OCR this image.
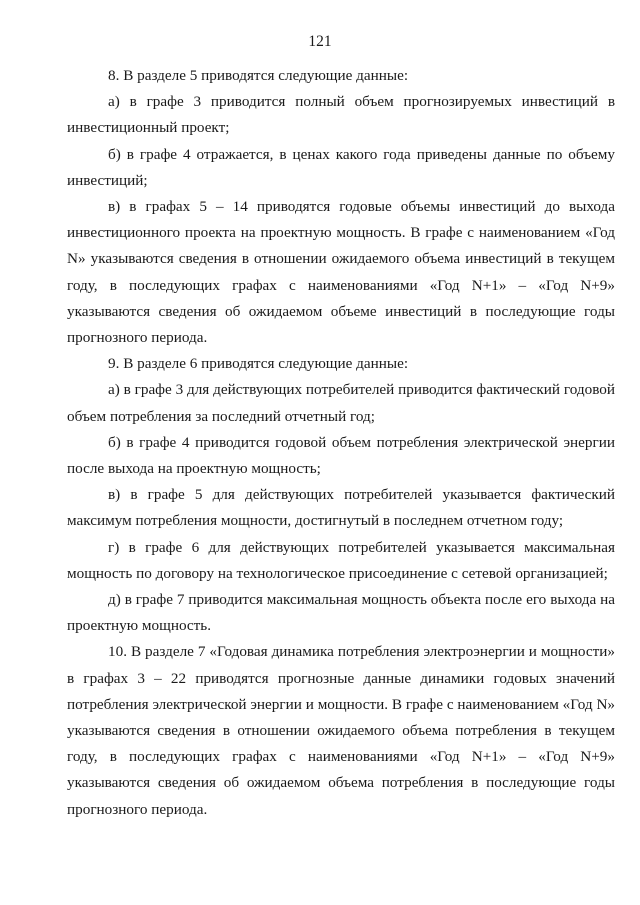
121

8. В разделе 5 приводятся следующие данные:

а) в графе 3 приводится полный объем прогнозируемых инвестиций в инвестиционный проект;

б) в графе 4 отражается, в ценах какого года приведены данные по объему инвестиций;

в) в графах 5 – 14 приводятся годовые объемы инвестиций до выхода инвестиционного проекта на проектную мощность. В графе с наименованием «Год N» указываются сведения в отношении ожидаемого объема инвестиций в текущем году, в последующих графах с наименованиями «Год N+1» – «Год N+9» указываются сведения об ожидаемом объеме инвестиций в последующие годы прогнозного периода.

9. В разделе 6 приводятся следующие данные:

а) в графе 3 для действующих потребителей приводится фактический годовой объем потребления за последний отчетный год;

б) в графе 4 приводится годовой объем потребления электрической энергии после выхода на проектную мощность;

в) в графе 5 для действующих потребителей указывается фактический максимум потребления мощности, достигнутый в последнем отчетном году;

г) в графе 6 для действующих потребителей указывается максимальная мощность по договору на технологическое присоединение с сетевой организацией;

д) в графе 7 приводится максимальная мощность объекта после его выхода на проектную мощность.

10. В разделе 7 «Годовая динамика потребления электроэнергии и мощности» в графах 3 – 22 приводятся прогнозные данные динамики годовых значений потребления электрической энергии и мощности. В графе с наименованием «Год N» указываются сведения в отношении ожидаемого объема потребления в текущем году, в последующих графах с наименованиями «Год N+1» – «Год N+9» указываются сведения об ожидаемом объема потребления в последующие годы прогнозного периода.
